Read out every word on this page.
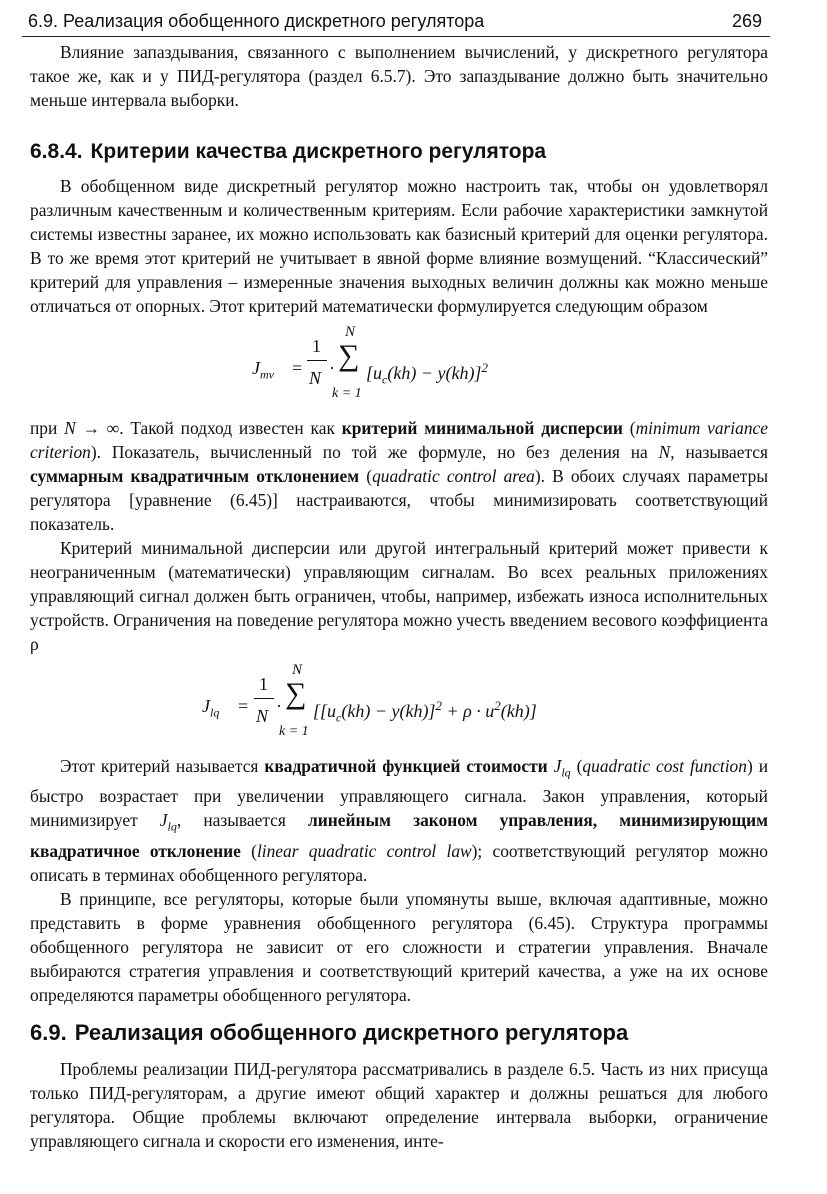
6.9. Реализация обобщенного дискретного регулятора	269

Влияние запаздывания, связанного с выполнением вычислений, у дискретного регулятора такое же, как и у ПИД-регулятора (раздел 6.5.7). Это запаздывание должно быть значительно меньше интервала выборки.

6.8.4. Критерии качества дискретного регулятора

В обобщенном виде дискретный регулятор можно настроить так, чтобы он удовлетворял различным качественным и количественным критериям. Если рабочие характеристики замкнутой системы известны заранее, их можно использовать как базисный критерий для оценки регулятора. В то же время этот критерий не учитывает в явной форме влияние возмущений. “Классический” критерий для управления – измеренные значения выходных величин должны как можно меньше отличаться от опорных. Этот критерий математически формулируется следующим образом

$J_{mv}$ =
1
N ·
N
∑
k = 1
$[u_c(kh) - y(kh)]^2$

при N → ∞. Такой подход известен как критерий минимальной дисперсии (minimum variance criterion). Показатель, вычисленный по той же формуле, но без деления на N, называется суммарным квадратичным отклонением (quadratic control area). В обоих случаях параметры регулятора [уравнение (6.45)] настраиваются, чтобы минимизировать соответствующий показатель.

Критерий минимальной дисперсии или другой интегральный критерий может привести к неограниченным (математически) управляющим сигналам. Во всех реальных приложениях управляющий сигнал должен быть ограничен, чтобы, например, избежать износа исполнительных устройств. Ограничения на поведение регулятора можно учесть введением весового коэффициента ρ

$J_{lq}$ =
1
N ·
N
∑
k = 1
$[[u_c(kh) - y(kh)]^2 + \rho \cdot u^2(kh)]$

Этот критерий называется квадратичной функцией стоимости $J_{lq}$ (quadratic cost function) и быстро возрастает при увеличении управляющего сигнала. Закон управления, который минимизирует $J_{lq}$, называется линейным законом управления, минимизирующим квадратичное отклонение (linear quadratic control law); соответствующий регулятор можно описать в терминах обобщенного регулятора.

В принципе, все регуляторы, которые были упомянуты выше, включая адаптивные, можно представить в форме уравнения обобщенного регулятора (6.45). Структура программы обобщенного регулятора не зависит от его сложности и стратегии управления. Вначале выбираются стратегия управления и соответствующий критерий качества, а уже на их основе определяются параметры обобщенного регулятора.

6.9. Реализация обобщенного дискретного регулятора

Проблемы реализации ПИД-регулятора рассматривались в разделе 6.5. Часть из них присуща только ПИД-регуляторам, а другие имеют общий характер и должны решаться для любого регулятора. Общие проблемы включают определение интервала выборки, ограничение управляющего сигнала и скорости его изменения, инте-
